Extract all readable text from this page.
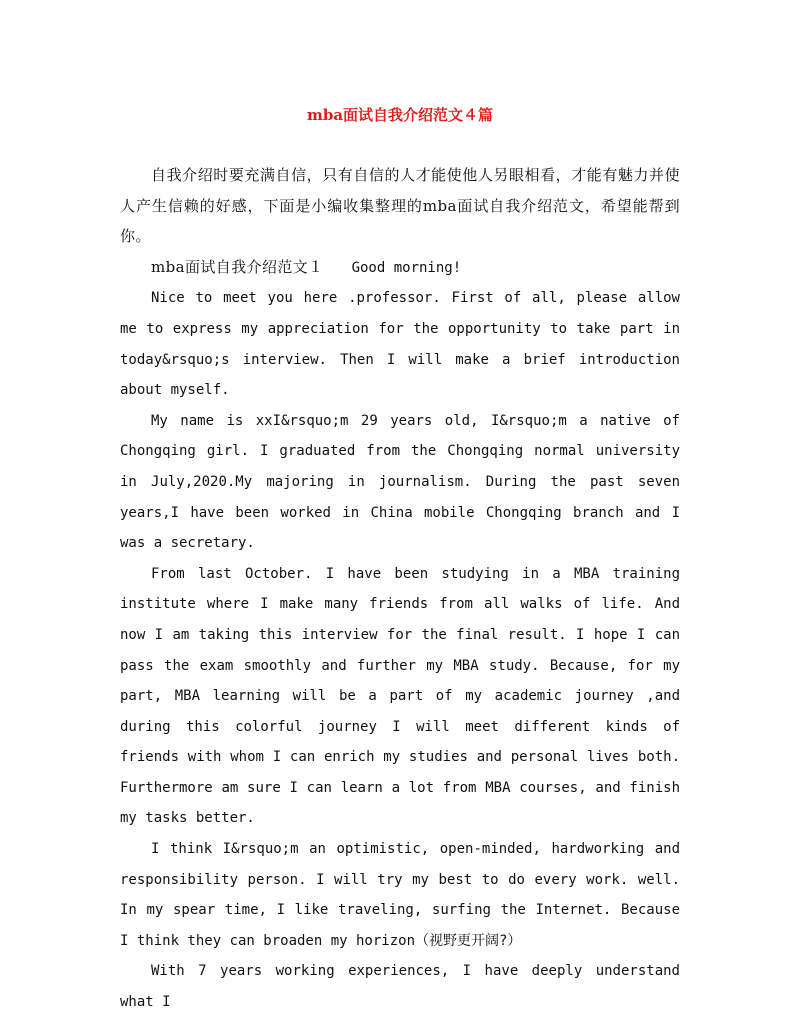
mba面试自我介绍范文４篇

自我介绍时要充满自信，只有自信的人才能使他人另眼相看，才能有魅力并使人产生信赖的好感，下面是小编收集整理的mba面试自我介绍范文，希望能帮到你。

mba面试自我介绍范文１ Good morning!

Nice to meet you here .professor. First of all, please allow me to express my appreciation for the opportunity to take part in today&rsquo;s interview. Then I will make a brief introduction about myself.

My name is xxI&rsquo;m 29 years old, I&rsquo;m a native of Chongqing girl. I graduated from the Chongqing normal university in July,2020.My majoring in journalism. During the past seven years,I have been worked in China mobile Chongqing branch and I was a secretary.

From last October. I have been studying in a MBA training institute where I make many friends from all walks of life. And now I am taking this interview for the final result. I hope I can pass the exam smoothly and further my MBA study. Because, for my part, MBA learning will be a part of my academic journey ,and during this colorful journey I will meet different kinds of friends with whom I can enrich my studies and personal lives both. Furthermore am sure I can learn a lot from MBA courses, and finish my tasks better.

I think I&rsquo;m an optimistic, open-minded, hardworking and responsibility person. I will try my best to do every work. well. In my spear time, I like traveling, surfing the Internet. Because I think they can broaden my horizon（视野更开阔?）

With 7 years working experiences, I have deeply understand what I
